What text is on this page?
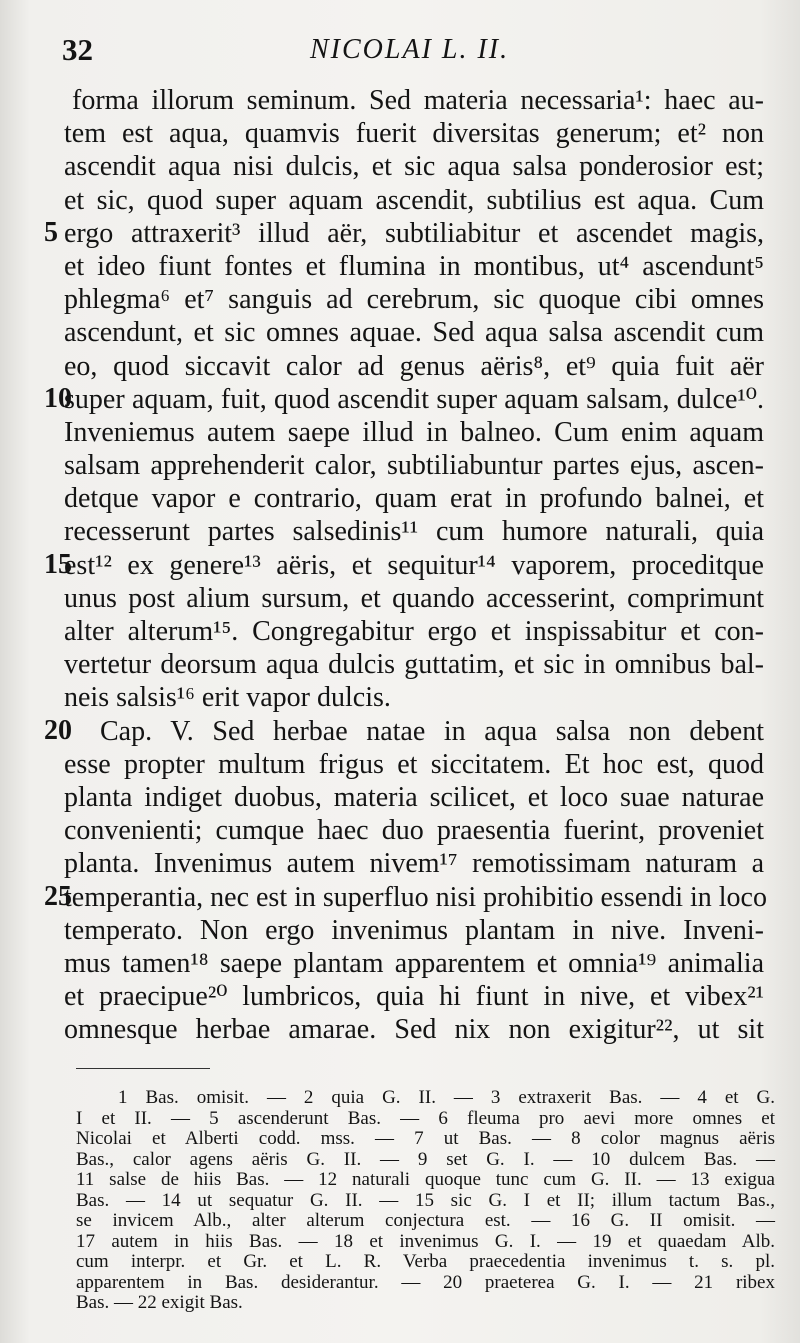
32	NICOLAI L. II.
forma illorum seminum. Sed materia necessaria¹: haec au-
tem est aqua, quamvis fuerit diversitas generum; et² non
ascendit aqua nisi dulcis, et sic aqua salsa ponderosior est;
et sic, quod super aquam ascendit, subtilius est aqua. Cum
5 ergo attraxerit³ illud aër, subtiliabitur et ascendet magis,
et ideo fiunt fontes et flumina in montibus, ut⁴ ascendunt⁵
phlegma⁶ et⁷ sanguis ad cerebrum, sic quoque cibi omnes
ascendunt, et sic omnes aquae. Sed aqua salsa ascendit cum
eo, quod siccavit calor ad genus aëris⁸, et⁹ quia fuit aër
10
super aquam, fuit, quod ascendit super aquam salsam, dulce¹⁰.
Inveniemus autem saepe illud in balneo. Cum enim aquam
salsam apprehenderit calor, subtiliabuntur partes ejus, ascen-
detque vapor e contrario, quam erat in profundo balnei, et
recesserunt partes salsedinis¹¹ cum humore naturali, quia
15
est¹² ex genere¹³ aëris, et sequitur¹⁴ vaporem, proceditque
unus post alium sursum, et quando accesserint, comprimunt
alter alterum¹⁵. Congregabitur ergo et inspissabitur et con-
vertetur deorsum aqua dulcis guttatim, et sic in omnibus bal-
neis salsis¹⁶ erit vapor dulcis.
20 Cap. V. Sed herbae natae in aqua salsa non debent
esse propter multum frigus et siccitatem. Et hoc est, quod
planta indiget duobus, materia scilicet, et loco suae naturae
convenienti; cumque haec duo praesentia fuerint, proveniet
planta. Invenimus autem nivem¹⁷ remotissimam naturam a
25
temperantia, nec est in superfluo nisi prohibitio essendi in loco
temperato. Non ergo invenimus plantam in nive. Inveni-
mus tamen¹⁸ saepe plantam apparentem et omnia¹⁹ animalia
et praecipue²⁰ lumbricos, quia hi fiunt in nive, et vibex²¹
omnesque herbae amarae. Sed nix non exigitur²², ut sit
1 Bas. omisit. — 2 quia G. II. — 3 extraxerit Bas. — 4 et G.
I et II. — 5 ascenderunt Bas. — 6 fleuma pro aevi more omnes et
Nicolai et Alberti codd. mss. — 7 ut Bas. — 8 color magnus aëris
Bas., calor agens aëris G. II. — 9 set G. I. — 10 dulcem Bas. —
11 salse de hiis Bas. — 12 naturali quoque tunc cum G. II. — 13 exigua
Bas. — 14 ut sequatur G. II. — 15 sic G. I et II; illum tactum Bas.,
se invicem Alb., alter alterum conjectura est. — 16 G. II omisit. —
17 autem in hiis Bas. — 18 et invenimus G. I. — 19 et quaedam Alb.
cum interpr. et Gr. et L. R. Verba praecedentia invenimus t. s. pl.
apparentem in Bas. desiderantur. — 20 praeterea G. I. — 21 ribex
Bas. — 22 exigit Bas.
